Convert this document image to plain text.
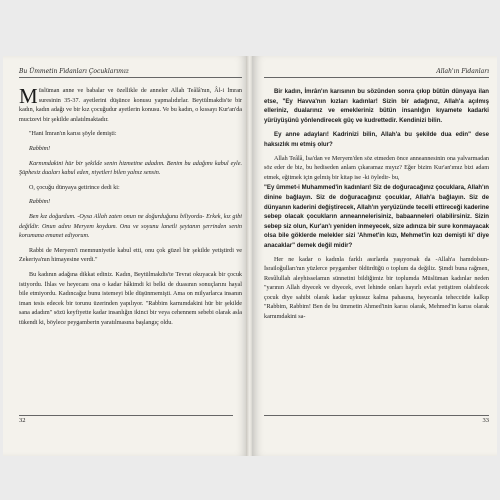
Bu Ümmetin Fidanları Çocuklarımız

Müslüman anne ve babalar ve özellikle de anneler Allah Teâlâ'nın, Âl-i İmran suresinin 35-37. ayetlerini düşünce konusu yapmalıdırlar. Beytülmakdis'te bir kadın, kadın adağı ve bir kız çocuğudur ayetlerin konusu. Ve bu kadın, o kıssayı Kur'an'da mucizevi bir şekilde anlatılmaktadır.

"Hani İmran'ın karısı şöyle demişti:

Rabbim!

Karnımdakini hür bir şekilde senin hizmetine adadım. Benim bu adağımı kabul eyle. Şüphesiz duaları kabul eden, niyetleri bilen yalnız sensin.

O, çocuğu dünyaya getirince dedi ki:

Rabbim!

Ben kız doğurdum. -Oysa Allah zaten onun ne doğurduğunu biliyordu- Erkek, kız gibi değildir. Onun adını Meryem koydum. Onu ve soyunu lanetli şeytanın şerrinden senin korumana emanet ediyorum.

Rabbi de Meryem'i memnuniyetle kabul etti, onu çok güzel bir şekilde yetiştirdi ve Zekeriya'nın himayesine verdi."

Bu kadının adağına dikkat ediniz. Kadın, Beytülmakdis'te Tevrat okuyacak bir çocuk istiyordu. İhlas ve heyecanı ona o kadar hâkimdi ki belki de duasının sonuçlarını hayal bile etmiyordu. Kadıncağız bunu istemeyi bile düşünmemişti. Ama on milyarlarca insanın iman tesis edecek bir torunu üzerinden yapılıyor. "Rabbim karnımdakini hür bir şekilde sana adadım" sözü keyfiyette kadar insanlığın ikinci bir veya cehennem sebebi olarak asla tükendi ki, böylece peygamberin yaratılmasına başlangıç oldu.

32
Allah'ın Fidanları

Bir kadın, İmrân'ın karısının bu sözünden sonra çıkıp bütün dünyaya ilan etse, "Ey Havva'nın kızları kadınlar! Sizin bir adağınız, Allah'a açılmış elleriniz, dualarınız ve emekleriniz bütün insanlığın kıyamete kadarki yürüyüşünü yönlendirecek güç ve kudrettedir. Kendinizi bilin.

Ey anne adayları! Kadrinizi bilin, Allah'a bu şekilde dua edin" dese haksızlık mı etmiş olur?

Allah Teâlâ, İsa'dan ve Meryem'den söz etmeden önce anneannesinin ona yalvarmadan söz eder de biz, bu hediseden anlam çıkaramaz mıyız? Eğer bizim Kur'an'ımız bizi adam etmek, eğitmek için gelmiş bir kitap ise -ki öyledir- bu,

"Ey ümmet-i Muhammed'in kadınları! Siz de doğuracağınız çocuklara, Allah'ın dinine bağlayın. Siz de doğuracağınız çocuklar, Allah'a bağlayın. Siz de dünyanın kaderini değiştirecek, Allah'ın yeryüzünde tecelli ettireceği kaderine sebep olacak çocukların anneannelerisiniz, babaanneleri olabilirsiniz. Sizin sebep siz olun, Kur'an'ı yeniden inmeyecek, size adınıza bir sure konmayacak olsa bile göklerde melekler sizi 'Ahmet'in kızı, Mehmet'in kızı demişti ki' diye anacaklar" demek değil midir?

Her ne kadar o kadınla farklı asırlarda yaşıyorsak da -Allah'a hamdolsun- İsrailoğulları'nın yüzlerce peygamber öldürdüğü o toplum da değiliz. Şimdi buna rağmen, Resûlullah aleyhisselamın sünnetini bildiğimiz bir toplumda Müslüman kadınlar neden "yarının Allah diyecek ve diyecek, evet lehinde onları hayırlı evlat yetiştiren olabilecek çocuk diye sahibi olarak kadar uykusuz kalma pahasına, heyecanla teheccüde kalkıp "Rabbim, Rabbim! Ben de bu ümmetin Ahmed'inin karısı olarak, Mehmed'in karısı olarak karnımdakini sa-

33
